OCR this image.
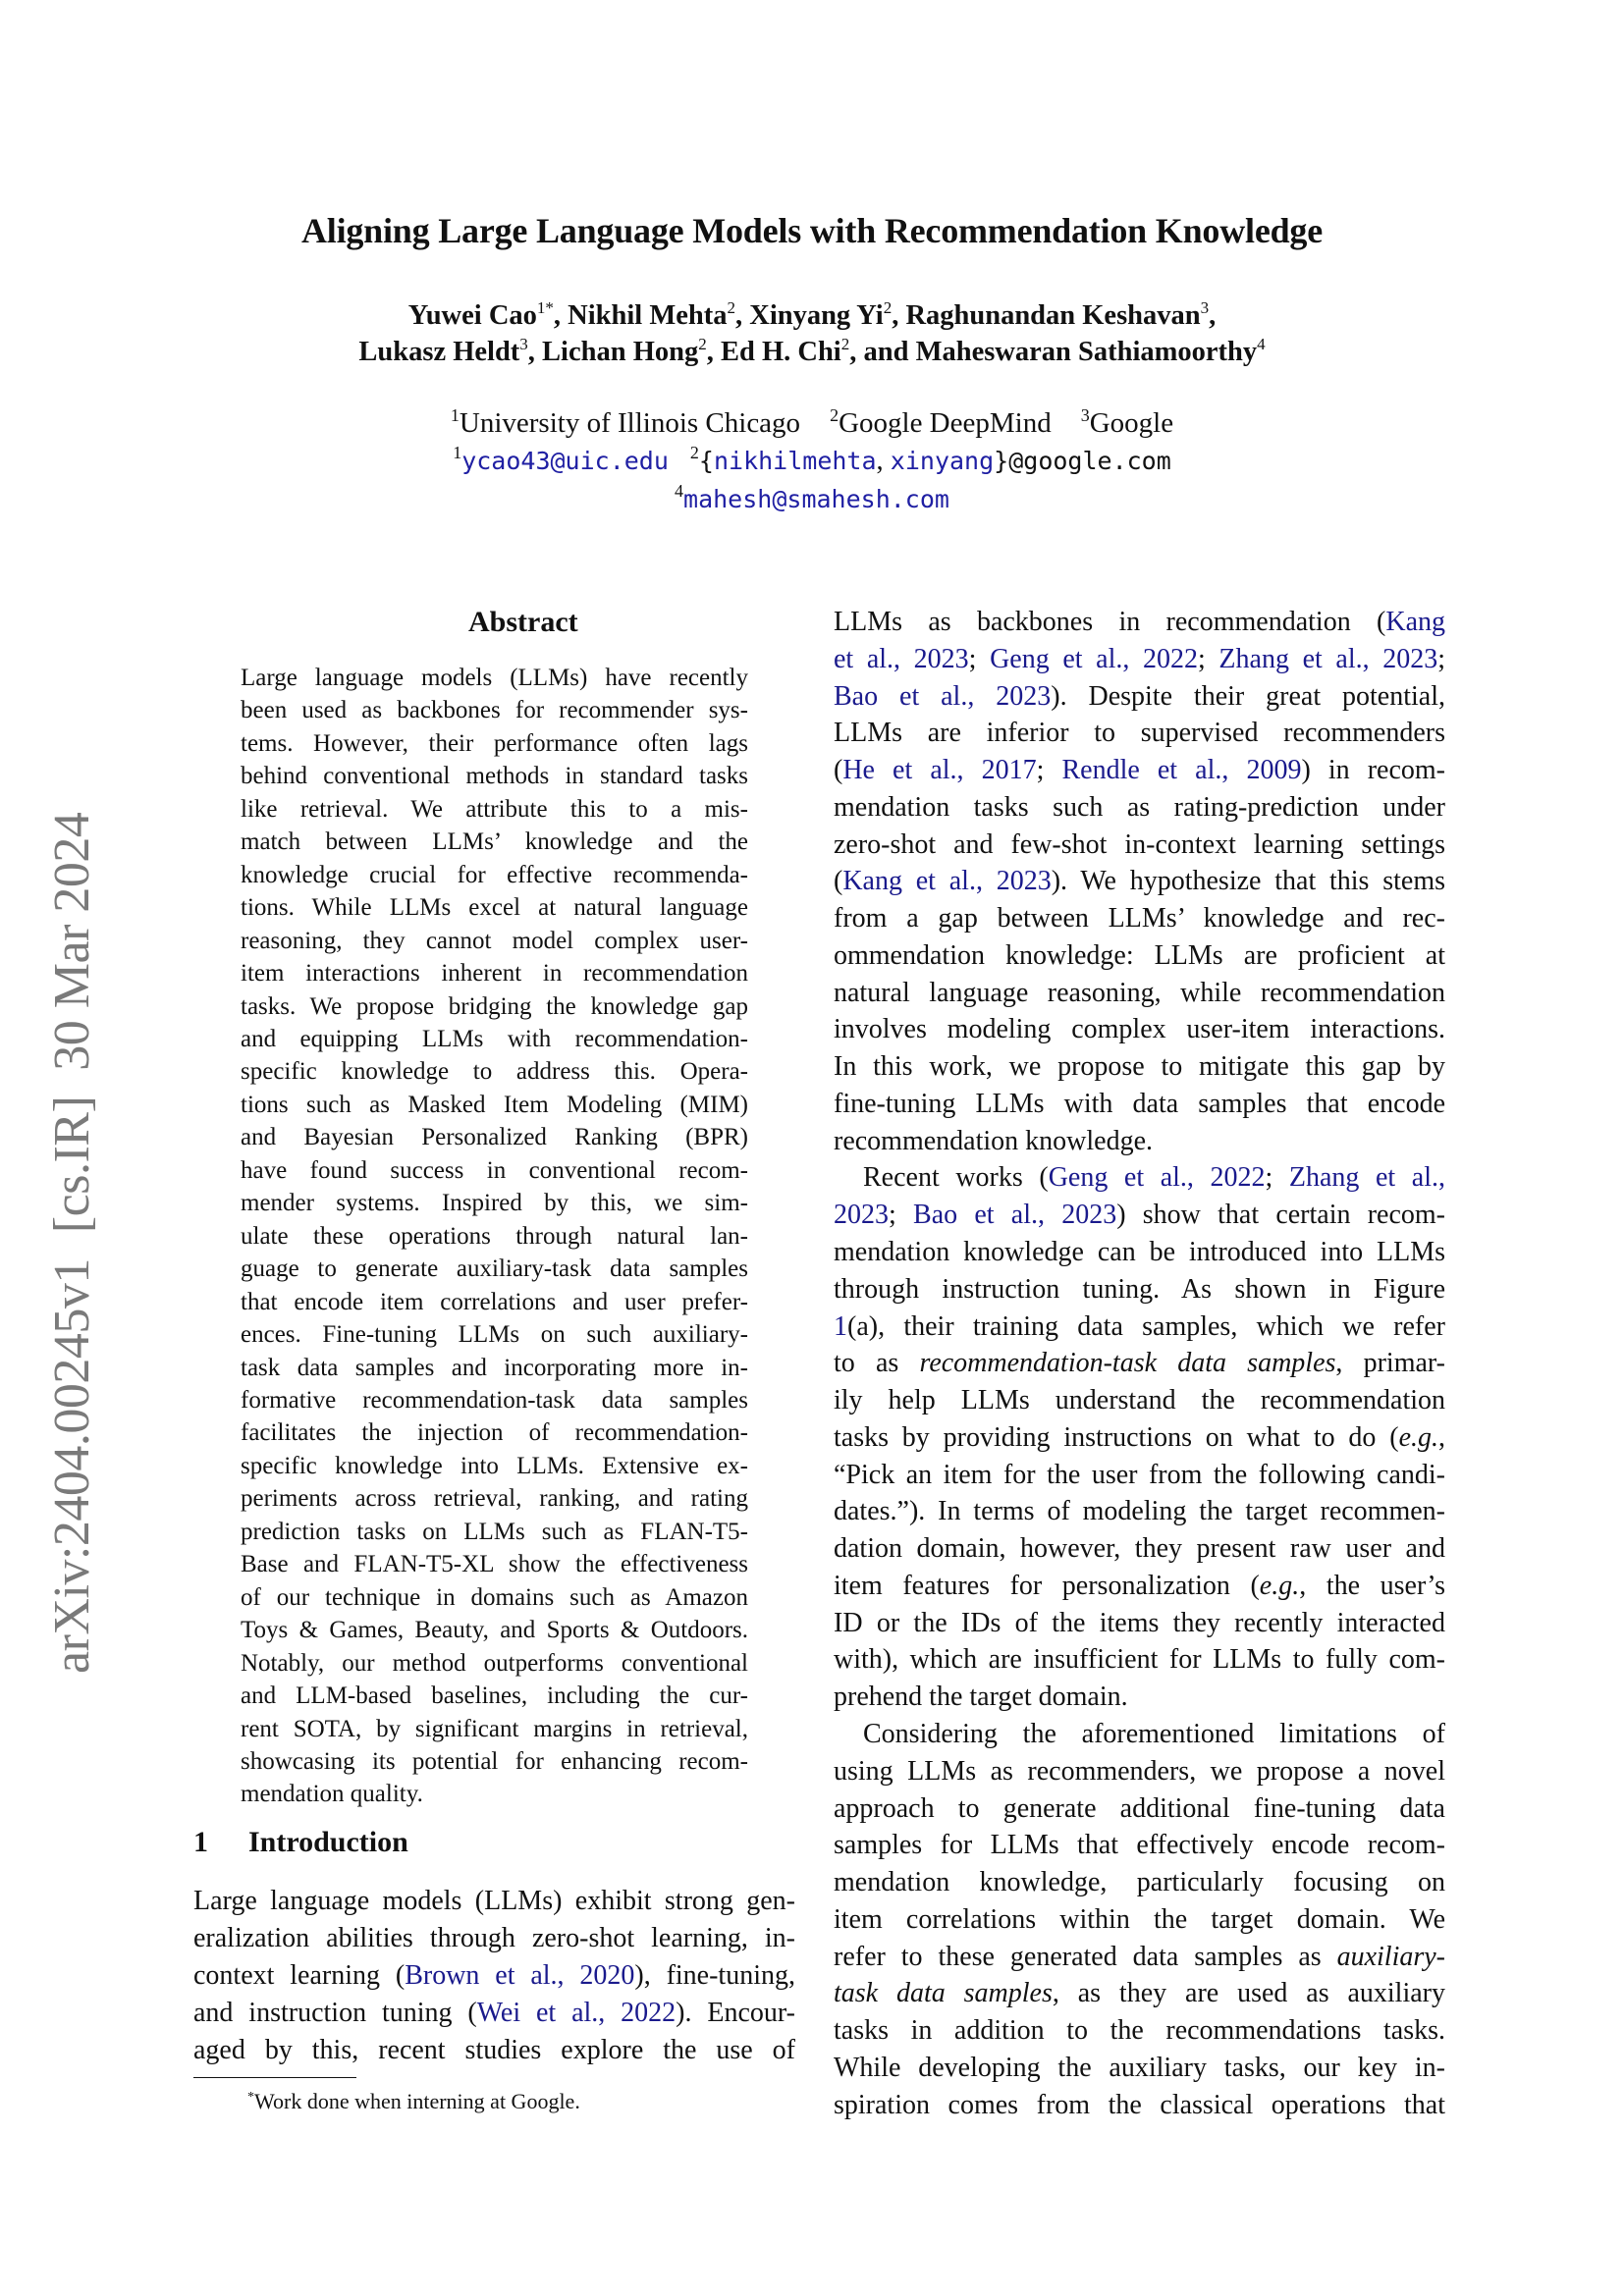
arXiv:2404.00245v1[cs.IR]30 Mar 2024
Aligning Large Language Models with Recommendation Knowledge
Yuwei Cao$^{1*}$, Nikhil Mehta$^2$, Xinyang Yi$^2$, Raghunandan Keshavan$^3$,
Lukasz Heldt$^3$, Lichan Hong$^2$, Ed H. Chi$^2$, and Maheswaran Sathiamoorthy$^4$
$^1$University of Illinois Chicago $^2$Google DeepMind $^3$Google
$^1$ycao43@uic.edu $^2${nikhilmehta, xinyang}@google.com
$^4$mahesh@smahesh.com
Abstract
Large language models (LLMs) have recently
been used as backbones for recommender sys-
tems. However, their performance often lags
behind conventional methods in standard tasks
like retrieval. We attribute this to a mis-
match between LLMs’ knowledge and the
knowledge crucial for effective recommenda-
tions. While LLMs excel at natural language
reasoning, they cannot model complex user-
item interactions inherent in recommendation
tasks. We propose bridging the knowledge gap
and equipping LLMs with recommendation-
specific knowledge to address this. Opera-
tions such as Masked Item Modeling (MIM)
and Bayesian Personalized Ranking (BPR)
have found success in conventional recom-
mender systems. Inspired by this, we sim-
ulate these operations through natural lan-
guage to generate auxiliary-task data samples
that encode item correlations and user prefer-
ences. Fine-tuning LLMs on such auxiliary-
task data samples and incorporating more in-
formative recommendation-task data samples
facilitates the injection of recommendation-
specific knowledge into LLMs. Extensive ex-
periments across retrieval, ranking, and rating
prediction tasks on LLMs such as FLAN-T5-
Base and FLAN-T5-XL show the effectiveness
of our technique in domains such as Amazon
Toys & Games, Beauty, and Sports & Outdoors.
Notably, our method outperforms conventional
and LLM-based baselines, including the cur-
rent SOTA, by significant margins in retrieval,
showcasing its potential for enhancing recom-
mendation quality.
1 Introduction
Large language models (LLMs) exhibit strong gen-
eralization abilities through zero-shot learning, in-
context learning (Brown et al., 2020), fine-tuning,
and instruction tuning (Wei et al., 2022). Encour-
aged by this, recent studies explore the use of
LLMs as backbones in recommendation (Kang
et al., 2023; Geng et al., 2022; Zhang et al., 2023;
Bao et al., 2023). Despite their great potential,
LLMs are inferior to supervised recommenders
(He et al., 2017; Rendle et al., 2009) in recom-
mendation tasks such as rating-prediction under
zero-shot and few-shot in-context learning settings
(Kang et al., 2023). We hypothesize that this stems
from a gap between LLMs’ knowledge and rec-
ommendation knowledge: LLMs are proficient at
natural language reasoning, while recommendation
involves modeling complex user-item interactions.
In this work, we propose to mitigate this gap by
fine-tuning LLMs with data samples that encode
recommendation knowledge.
Recent works (Geng et al., 2022; Zhang et al.,
2023; Bao et al., 2023) show that certain recom-
mendation knowledge can be introduced into LLMs
through instruction tuning. As shown in Figure
1(a), their training data samples, which we refer
to as recommendation-task data samples, primar-
ily help LLMs understand the recommendation
tasks by providing instructions on what to do (e.g.,
“Pick an item for the user from the following candi-
dates.”). In terms of modeling the target recommen-
dation domain, however, they present raw user and
item features for personalization (e.g., the user’s
ID or the IDs of the items they recently interacted
with), which are insufficient for LLMs to fully com-
prehend the target domain.
Considering the aforementioned limitations of
using LLMs as recommenders, we propose a novel
approach to generate additional fine-tuning data
samples for LLMs that effectively encode recom-
mendation knowledge, particularly focusing on
item correlations within the target domain. We
refer to these generated data samples as auxiliary-
task data samples, as they are used as auxiliary
tasks in addition to the recommendations tasks.
While developing the auxiliary tasks, our key in-
spiration comes from the classical operations that
*Work done when interning at Google.
